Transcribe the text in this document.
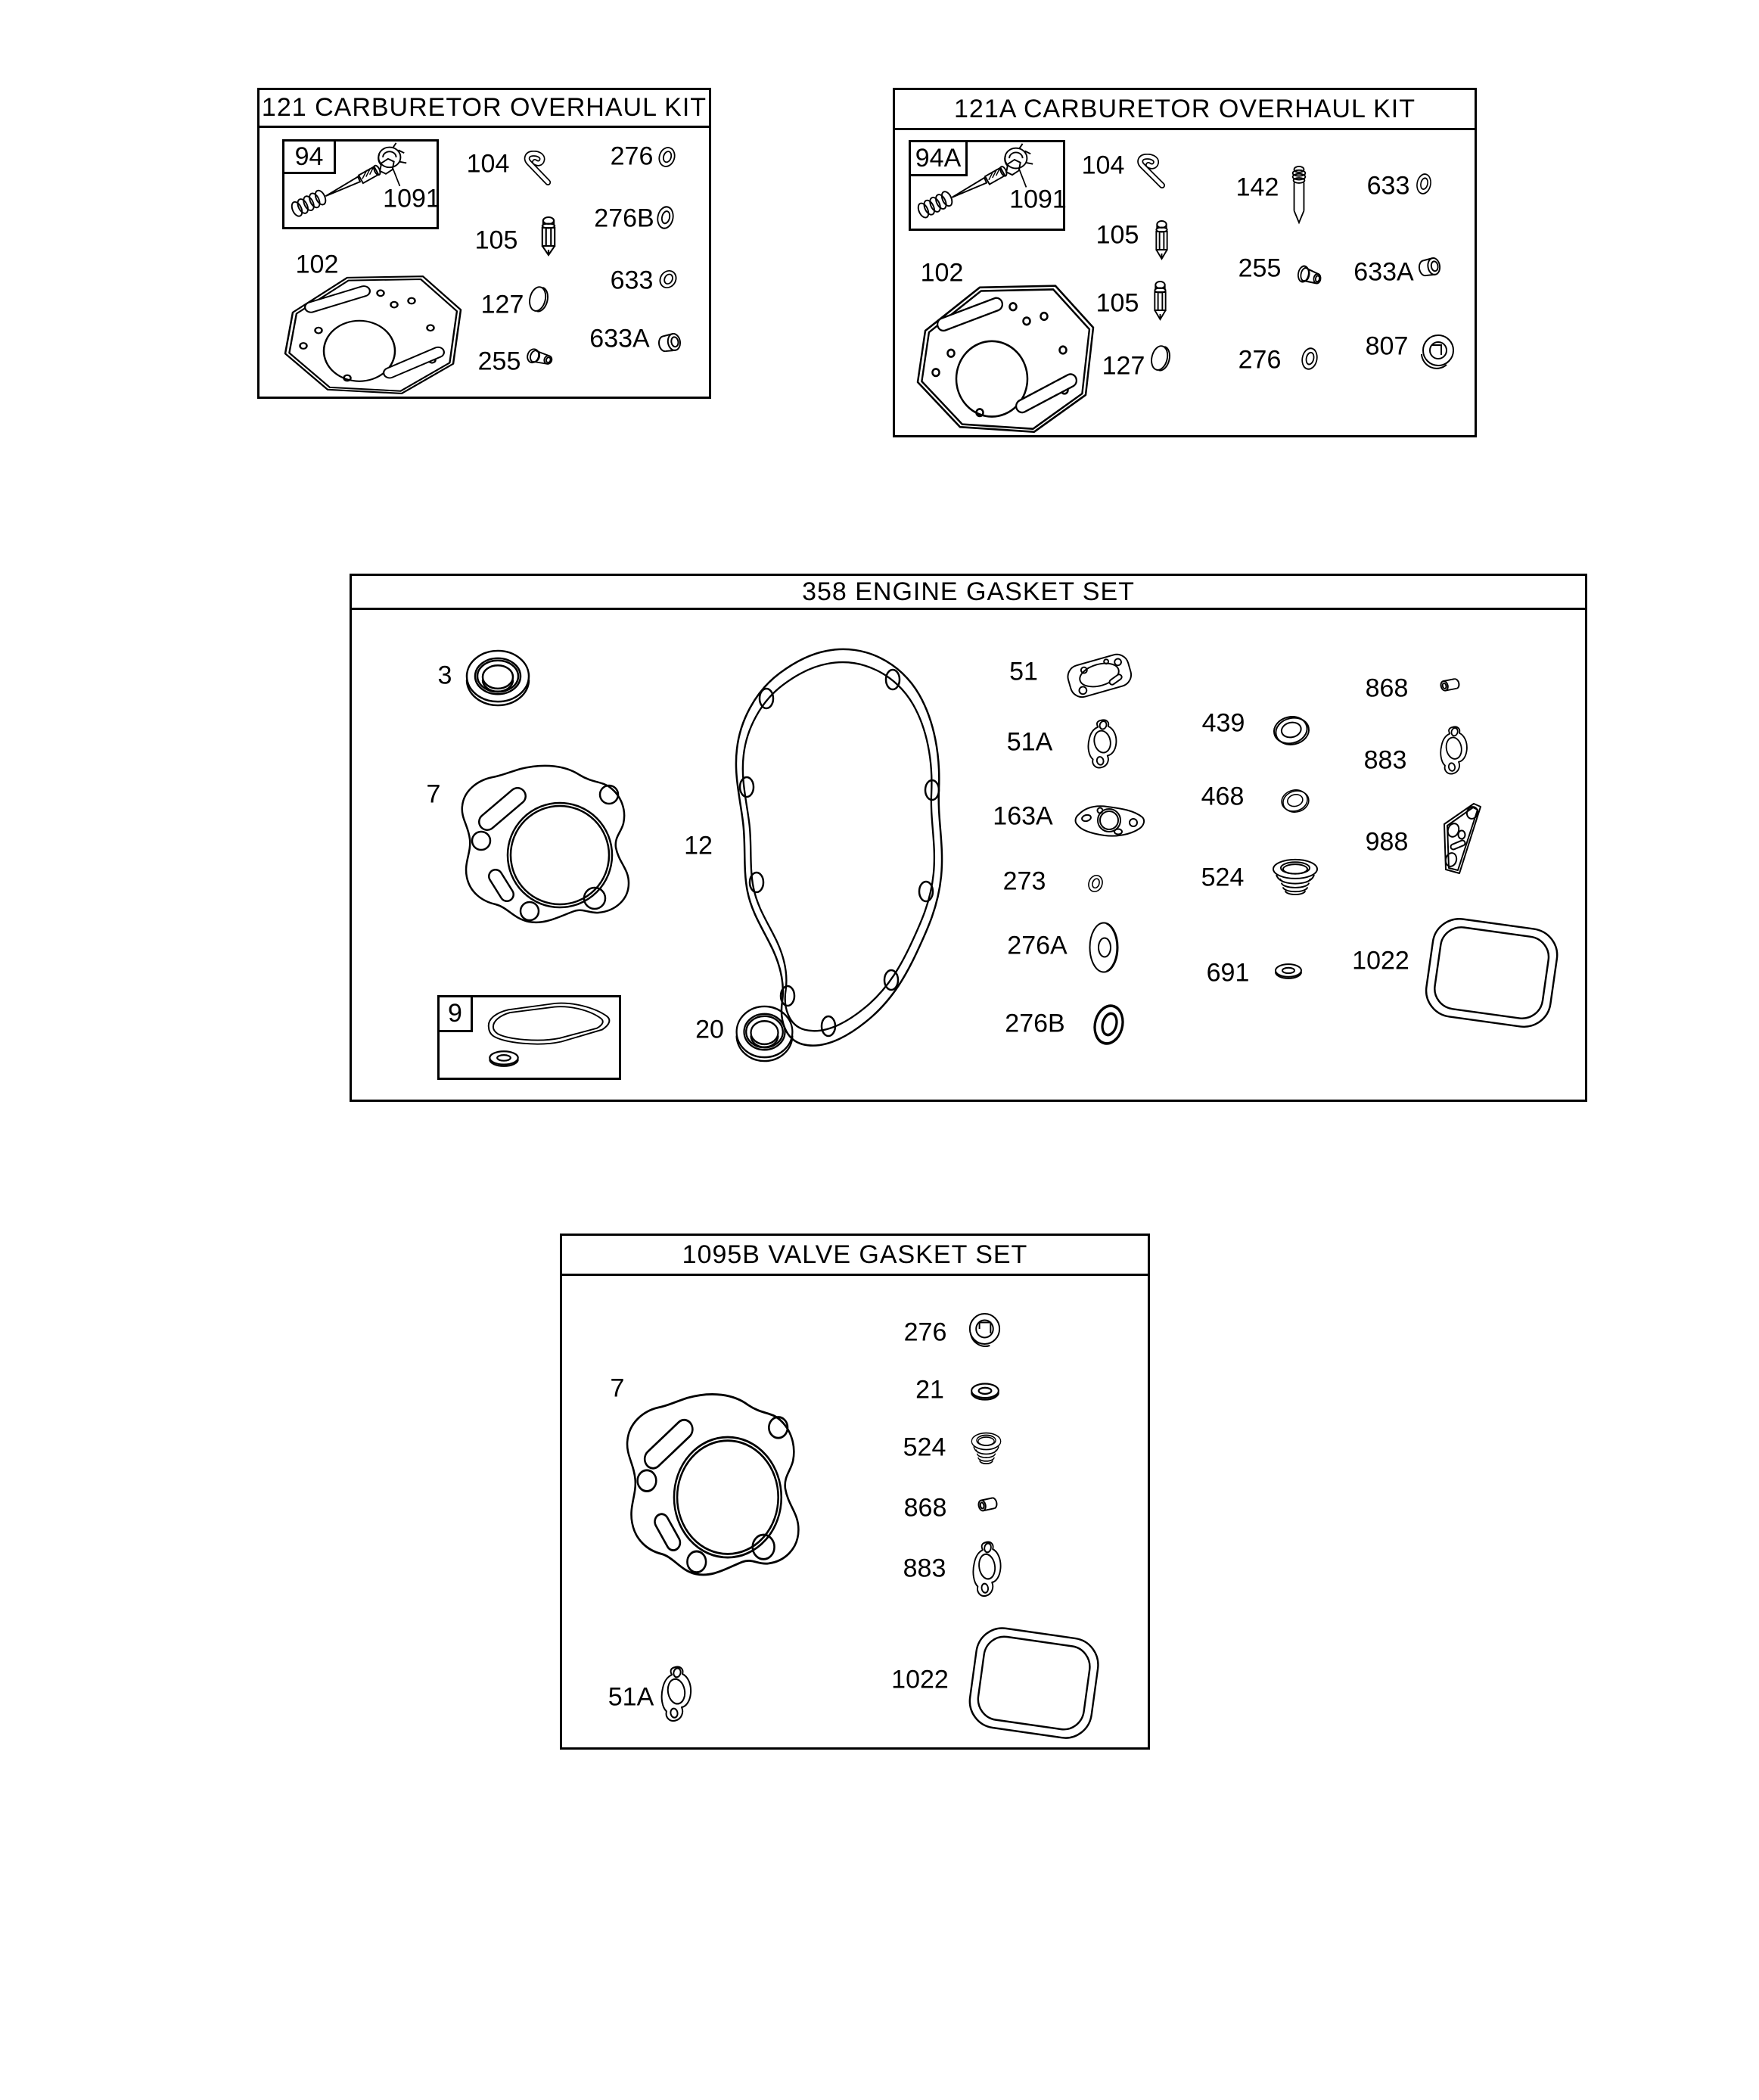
121 CARBURETOR OVERHAUL KIT
94
1091
102
104	276
105
276B
127
633
255
633A
121A CARBURETOR OVERHAUL KIT
94A
1091
102
104
142	633
105
255	633A
105
127	276	807
358 ENGINE GASKET SET
3
7
12
9
20
51
51A
163A
273
276A
276B
439
468
524
691
868
883
988
1022
1095B VALVE GASKET SET
7
51A
276
21
524
868
883
1022
